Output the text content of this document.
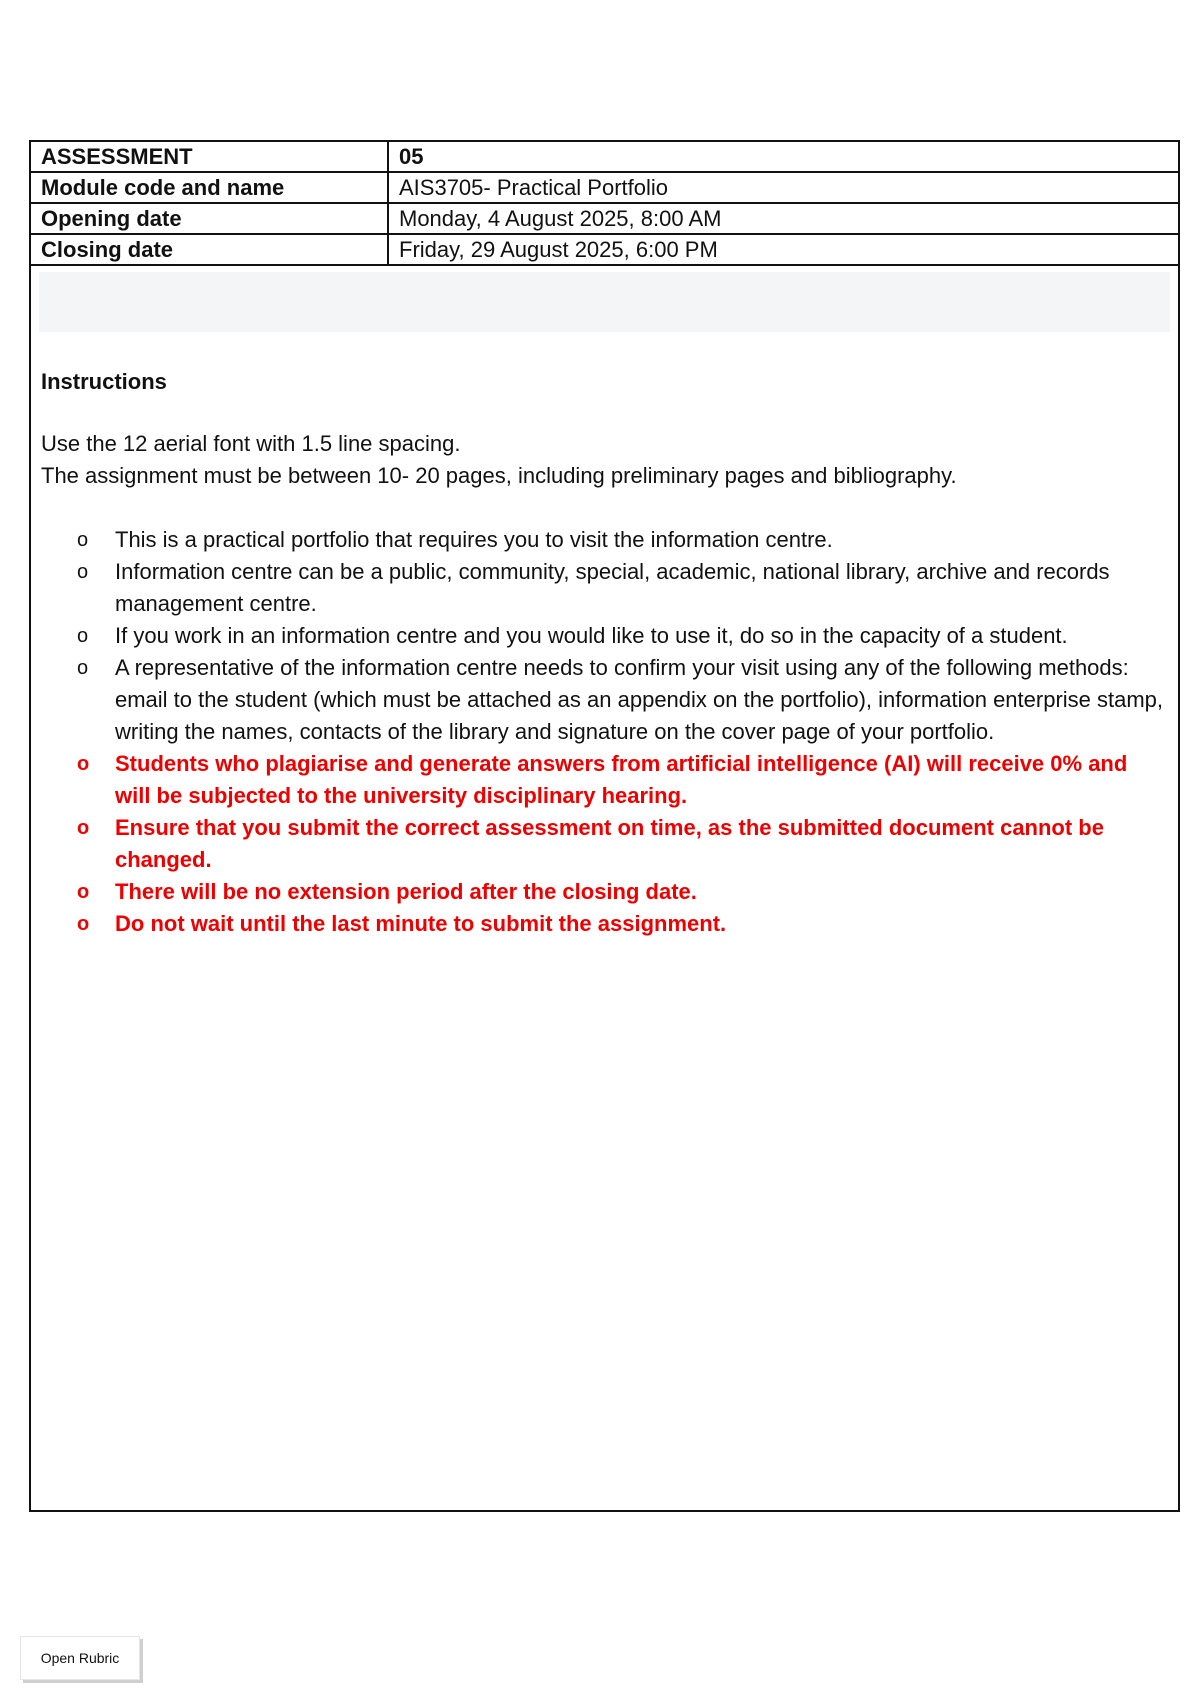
ASSESSMENT	05
Module code and name	AIS3705- Practical Portfolio
Opening date	Monday, 4 August 2025, 8:00 AM
Closing date	Friday, 29 August 2025, 6:00 PM
Instructions

Use the 12 aerial font with 1.5 line spacing.

The assignment must be between 10- 20 pages, including preliminary pages and bibliography.

o This is a practical portfolio that requires you to visit the information centre.
o Information centre can be a public, community, special, academic, national library, archive and records management centre.
o If you work in an information centre and you would like to use it, do so in the capacity of a student.
o A representative of the information centre needs to confirm your visit using any of the following methods: email to the student (which must be attached as an appendix on the portfolio), information enterprise stamp, writing the names, contacts of the library and signature on the cover page of your portfolio.
o Students who plagiarise and generate answers from artificial intelligence (AI) will receive 0% and will be subjected to the university disciplinary hearing.
o Ensure that you submit the correct assessment on time, as the submitted document cannot be changed.
o There will be no extension period after the closing date.
o Do not wait until the last minute to submit the assignment.
Open Rubric
